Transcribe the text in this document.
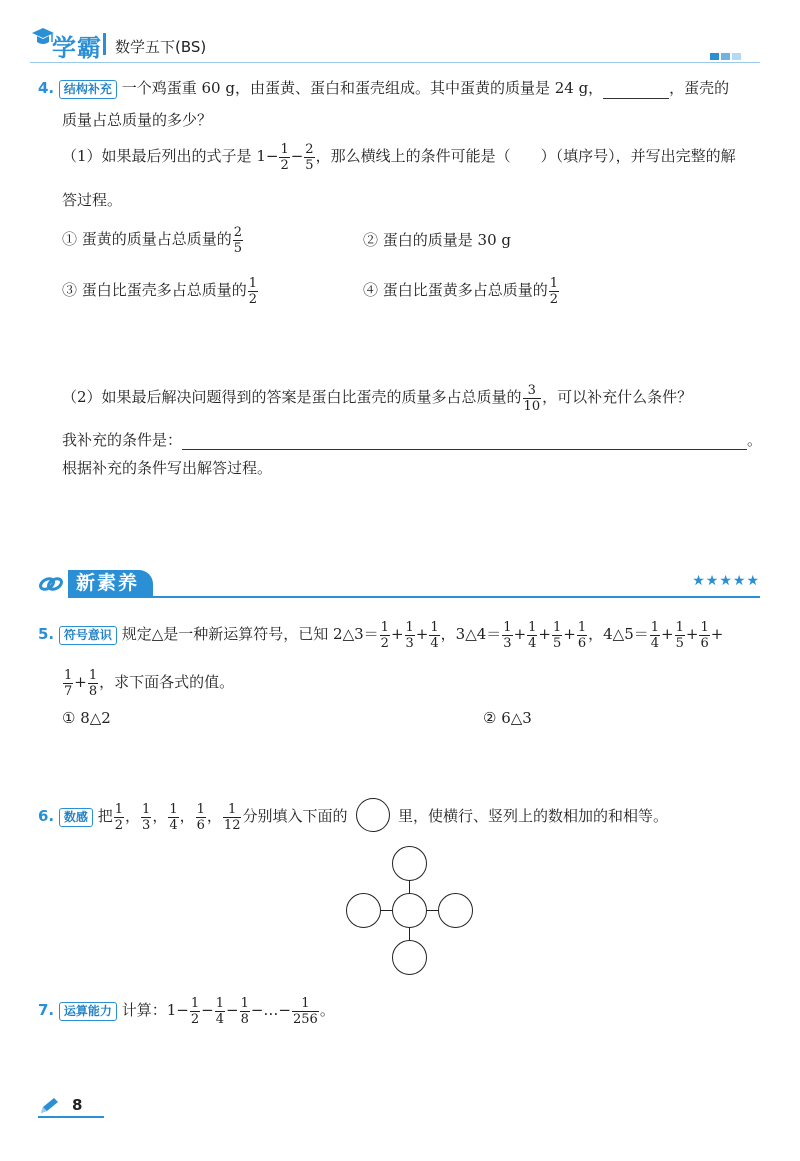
学霸 数学五下(BS)
4. 结构补充 一个鸡蛋重 60 g，由蛋黄、蛋白和蛋壳组成。其中蛋黄的质量是 24 g，	，蛋壳的
质量占总质量的多少？
（1）如果最后列出的式子是 $1- \frac{1}{2} - \frac{2}{5}$ ，那么横线上的条件可能是（ ）（填序号），并写出完整的解
答过程。
① 蛋黄的质量占总质量的 $\frac{2}{5}$	② 蛋白的质量是 30 g
③ 蛋白比蛋壳多占总质量的 $\frac{1}{2}$	④ 蛋白比蛋黄多占总质量的 $\frac{1}{2}$
（2）如果最后解决问题得到的答案是蛋白比蛋壳的质量多占总质量的 $\frac{3}{10}$ ，可以补充什么条件？
我补充的条件是：	。
根据补充的条件写出解答过程。
新素养	★★★★★
5. 符号意识 规定△是一种新运算符号，已知 2△3＝ $\frac{1}{2} + \frac{1}{3} + \frac{1}{4}$ ，3△4＝ $\frac{1}{3} + \frac{1}{4} + \frac{1}{5} + \frac{1}{6}$ ，4△5＝ $\frac{1}{4} + \frac{1}{5} + \frac{1}{6}$ +
$\frac{1}{7} + \frac{1}{8}$ ，求下面各式的值。
① 8△2	② 6△3
6. 数感 把 $\frac{1}{2}$ ， $\frac{1}{3}$ ， $\frac{1}{4}$ ， $\frac{1}{6}$ ， $\frac{1}{12}$ 分别填入下面的	里，使横行、竖列上的数相加的和相等。
7. 运算能力 计算：$1- \frac{1}{2} - \frac{1}{4} - \frac{1}{8}$ −…− $\frac{1}{256}$ 。
8
